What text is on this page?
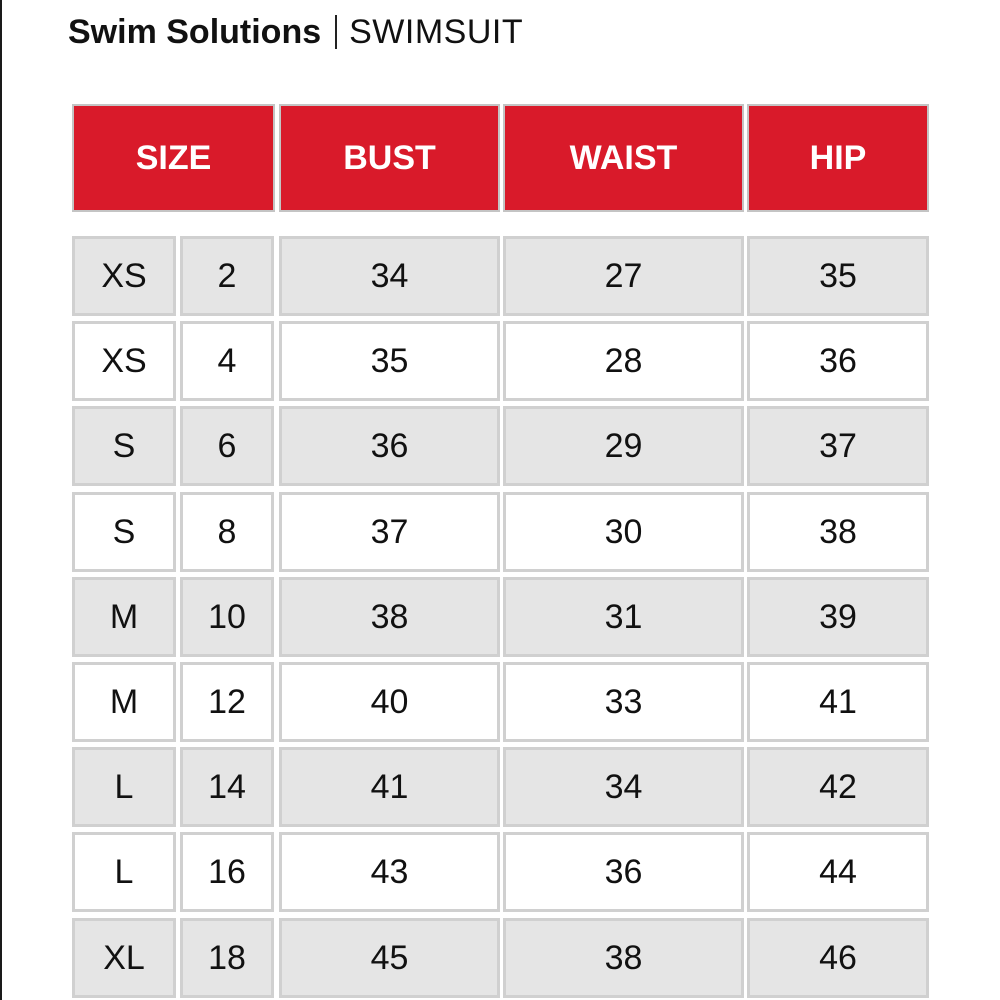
Swim Solutions SWIMSUIT
SIZE	BUST	WAIST	HIP
XS	2	34	27	35
XS	4	35	28	36
S	6	36	29	37
S	8	37	30	38
M	10	38	31	39
M	12	40	33	41
L	14	41	34	42
L	16	43	36	44
XL	18	45	38	46
